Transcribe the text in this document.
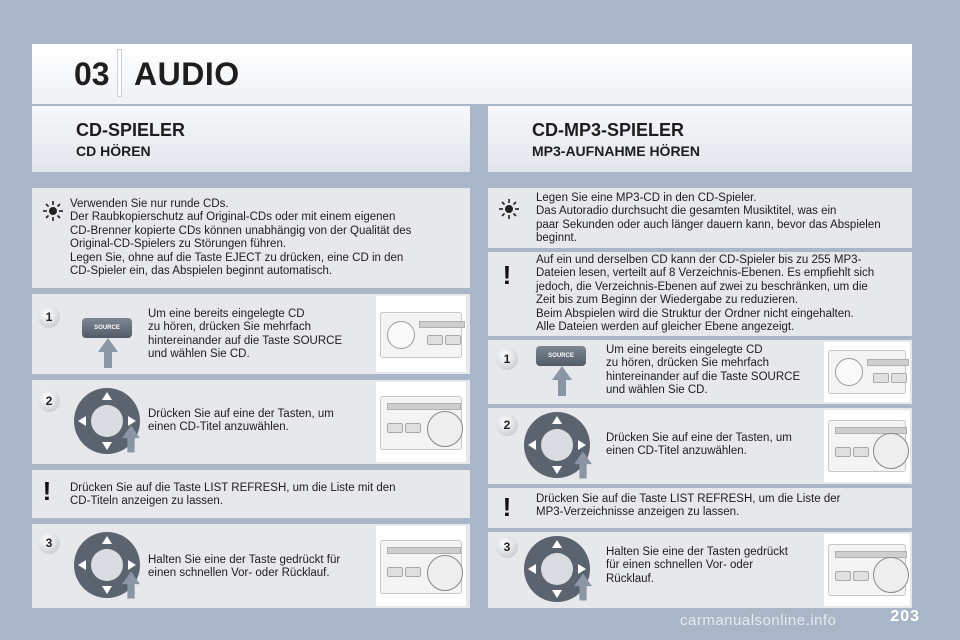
03 AUDIO
CD-SPIELER
CD HÖREN
Verwenden Sie nur runde CDs.
Der Raubkopierschutz auf Original-CDs oder mit einem eigenen
CD-Brenner kopierte CDs können unabhängig von der Qualität des
Original-CD-Spielers zu Störungen führen.
Legen Sie, ohne auf die Taste EJECT zu drücken, eine CD in den
CD-Spieler ein, das Abspielen beginnt automatisch.
1
SOURCE
Um eine bereits eingelegte CD
zu hören, drücken Sie mehrfach
hintereinander auf die Taste SOURCE
und wählen Sie CD.
2
Drücken Sie auf eine der Tasten, um
einen CD-Titel anzuwählen.
!	Drücken Sie auf die Taste LIST REFRESH, um die Liste mit den
CD-Titeln anzeigen zu lassen.
3
Halten Sie eine der Taste gedrückt für
einen schnellen Vor- oder Rücklauf.
CD-MP3-SPIELER
MP3-AUFNAHME HÖREN
Legen Sie eine MP3-CD in den CD-Spieler.
Das Autoradio durchsucht die gesamten Musiktitel, was ein
paar Sekunden oder auch länger dauern kann, bevor das Abspielen
beginnt.
!	Auf ein und derselben CD kann der CD-Spieler bis zu 255 MP3-
Dateien lesen, verteilt auf 8 Verzeichnis-Ebenen. Es empfiehlt sich
jedoch, die Verzeichnis-Ebenen auf zwei zu beschränken, um die
Zeit bis zum Beginn der Wiedergabe zu reduzieren.
Beim Abspielen wird die Struktur der Ordner nicht eingehalten.
Alle Dateien werden auf gleicher Ebene angezeigt.
1	SOURCE	Um eine bereits eingelegte CD
zu hören, drücken Sie mehrfach
hintereinander auf die Taste SOURCE
und wählen Sie CD.
2
Drücken Sie auf eine der Tasten, um
einen CD-Titel anzuwählen.
!	Drücken Sie auf die Taste LIST REFRESH, um die Liste der
MP3-Verzeichnisse anzeigen zu lassen.
3	Halten Sie eine der Tasten gedrückt
für einen schnellen Vor- oder
Rücklauf.
carmanualsonline.info	203
